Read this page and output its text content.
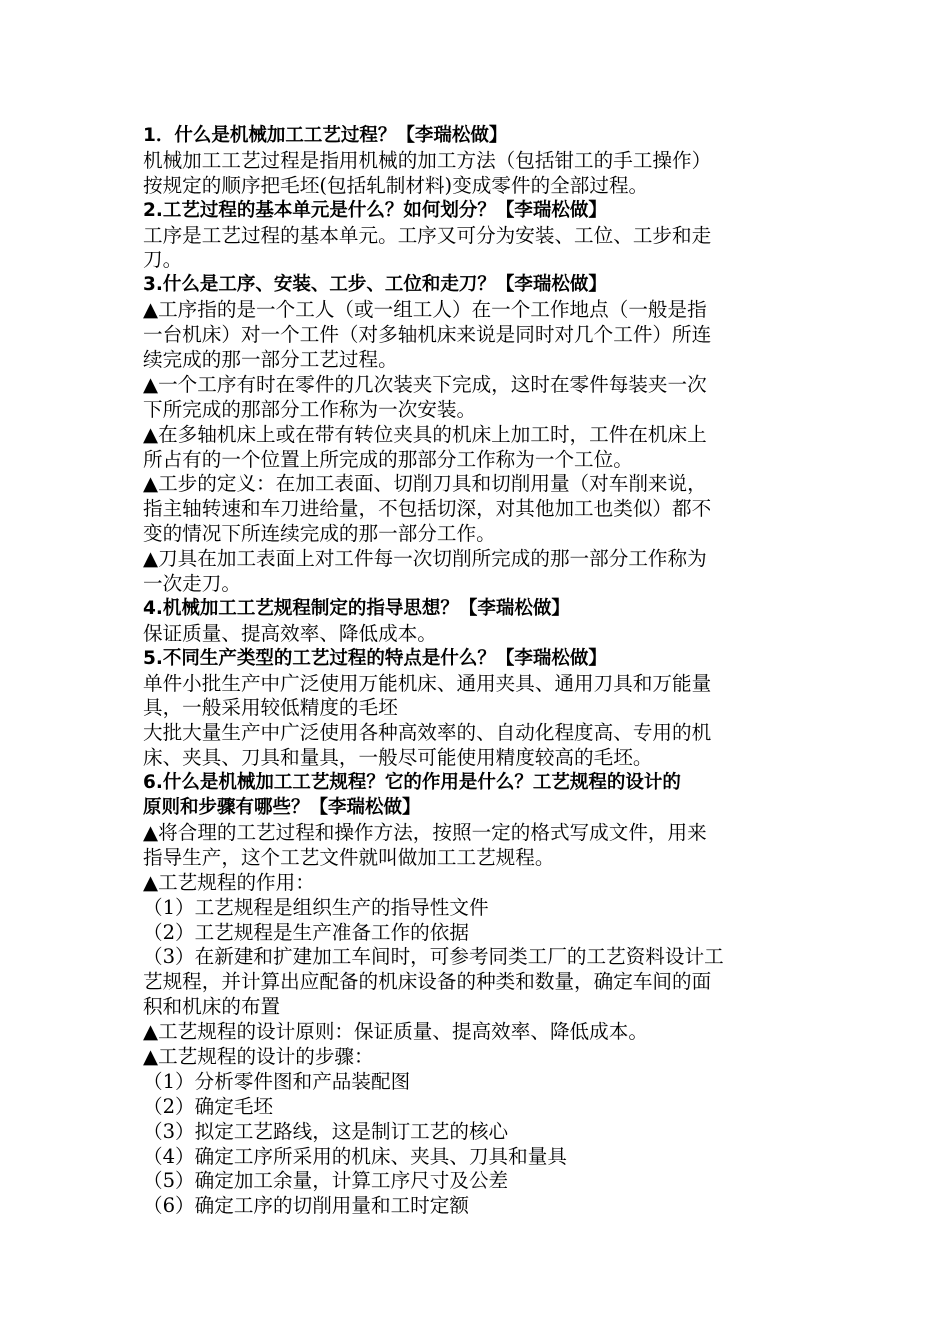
1．什么是机械加工工艺过程？【李瑞松做】
机械加工工艺过程是指用机械的加工方法（包括钳工的手工操作）
按规定的顺序把毛坯(包括轧制材料)变成零件的全部过程。
2.工艺过程的基本单元是什么？如何划分？【李瑞松做】
工序是工艺过程的基本单元。工序又可分为安装、工位、工步和走
刀。
3.什么是工序、安装、工步、工位和走刀？【李瑞松做】
▲工序指的是一个工人（或一组工人）在一个工作地点（一般是指
一台机床）对一个工件（对多轴机床来说是同时对几个工件）所连
续完成的那一部分工艺过程。
▲一个工序有时在零件的几次装夹下完成，这时在零件每装夹一次
下所完成的那部分工作称为一次安装。
▲在多轴机床上或在带有转位夹具的机床上加工时，工件在机床上
所占有的一个位置上所完成的那部分工作称为一个工位。
▲工步的定义：在加工表面、切削刀具和切削用量（对车削来说，
指主轴转速和车刀进给量，不包括切深，对其他加工也类似）都不
变的情况下所连续完成的那一部分工作。
▲刀具在加工表面上对工件每一次切削所完成的那一部分工作称为
一次走刀。
4.机械加工工艺规程制定的指导思想？【李瑞松做】
保证质量、提高效率、降低成本。
5.不同生产类型的工艺过程的特点是什么？【李瑞松做】
单件小批生产中广泛使用万能机床、通用夹具、通用刀具和万能量
具，一般采用较低精度的毛坯
大批大量生产中广泛使用各种高效率的、自动化程度高、专用的机
床、夹具、刀具和量具，一般尽可能使用精度较高的毛坯。
6.什么是机械加工工艺规程？它的作用是什么？工艺规程的设计的
原则和步骤有哪些？【李瑞松做】
▲将合理的工艺过程和操作方法，按照一定的格式写成文件，用来
指导生产，这个工艺文件就叫做加工工艺规程。
▲工艺规程的作用：
（1）工艺规程是组织生产的指导性文件
（2）工艺规程是生产准备工作的依据
（3）在新建和扩建加工车间时，可参考同类工厂的工艺资料设计工
艺规程，并计算出应配备的机床设备的种类和数量，确定车间的面
积和机床的布置
▲工艺规程的设计原则：保证质量、提高效率、降低成本。
▲工艺规程的设计的步骤：
（1）分析零件图和产品装配图
（2）确定毛坯
（3）拟定工艺路线，这是制订工艺的核心
（4）确定工序所采用的机床、夹具、刀具和量具
（5）确定加工余量，计算工序尺寸及公差
（6）确定工序的切削用量和工时定额
